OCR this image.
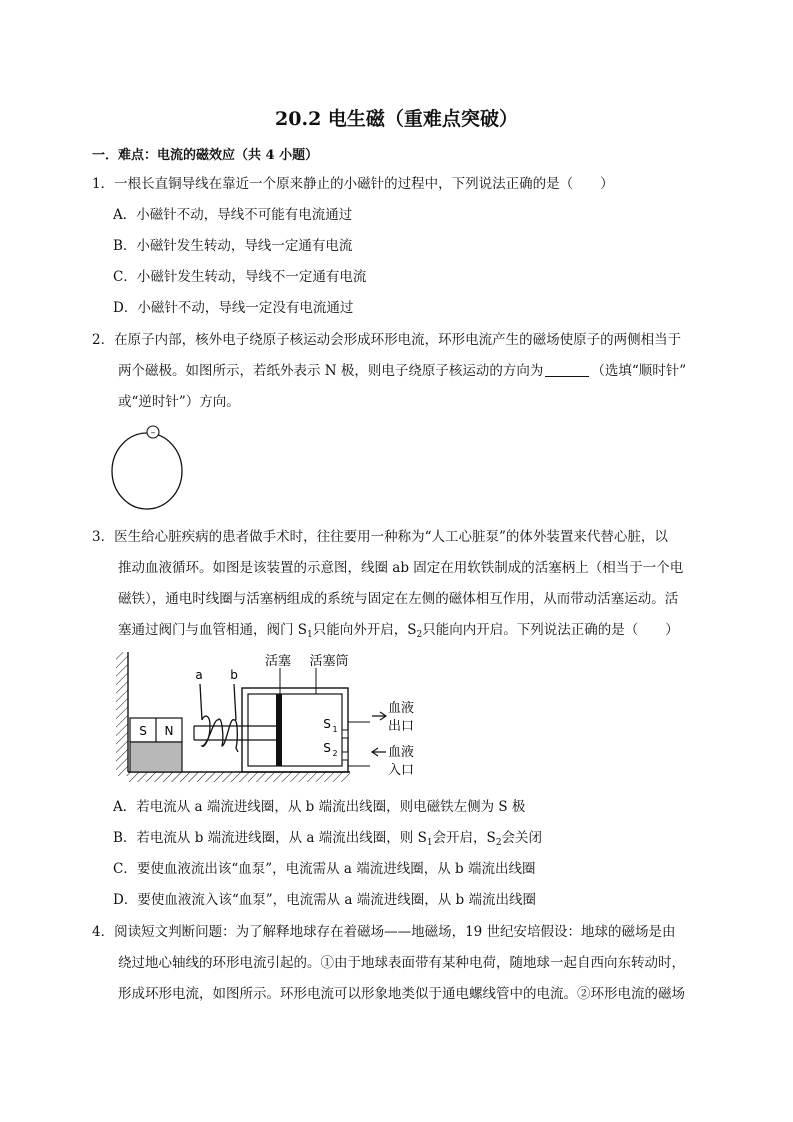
20.2 电生磁（重难点突破）
一．难点：电流的磁效应（共 4 小题）
1．一根长直铜导线在靠近一个原来静止的小磁针的过程中，下列说法正确的是（　　）
A．小磁针不动，导线不可能有电流通过
B．小磁针发生转动，导线一定通有电流
C．小磁针发生转动，导线不一定通有电流
D．小磁针不动，导线一定没有电流通过
2．在原子内部，核外电子绕原子核运动会形成环形电流，环形电流产生的磁场使原子的两侧相当于
两个磁极。如图所示，若纸外表示 N 极，则电子绕原子核运动的方向为	（选填“顺时针”
或“逆时针”）方向。
–
3．医生给心脏疾病的患者做手术时，往往要用一种称为“人工心脏泵”的体外装置来代替心脏，以
推动血液循环。如图是该装置的示意图，线圈 ab 固定在用软铁制成的活塞柄上（相当于一个电
磁铁），通电时线圈与活塞柄组成的系统与固定在左侧的磁体相互作用，从而带动活塞运动。活
塞通过阀门与血管相通，阀门 $S_1$只能向外开启，$S_2$只能向内开启。下列说法正确的是（　　）
S N
a b
活塞 活塞筒
S 1
S 2
血液
出口
血液
入口
A．若电流从 a 端流进线圈，从 b 端流出线圈，则电磁铁左侧为 S 极
B．若电流从 b 端流进线圈，从 a 端流出线圈，则 $S_1$会开启，$S_2$会关闭
C．要使血液流出该“血泵”，电流需从 a 端流进线圈，从 b 端流出线圈
D．要使血液流入该“血泵”，电流需从 a 端流进线圈，从 b 端流出线圈
4．阅读短文判断问题：为了解释地球存在着磁场——地磁场，19 世纪安培假设：地球的磁场是由
绕过地心轴线的环形电流引起的。①由于地球表面带有某种电荷，随地球一起自西向东转动时，
形成环形电流，如图所示。环形电流可以形象地类似于通电螺线管中的电流。②环形电流的磁场
